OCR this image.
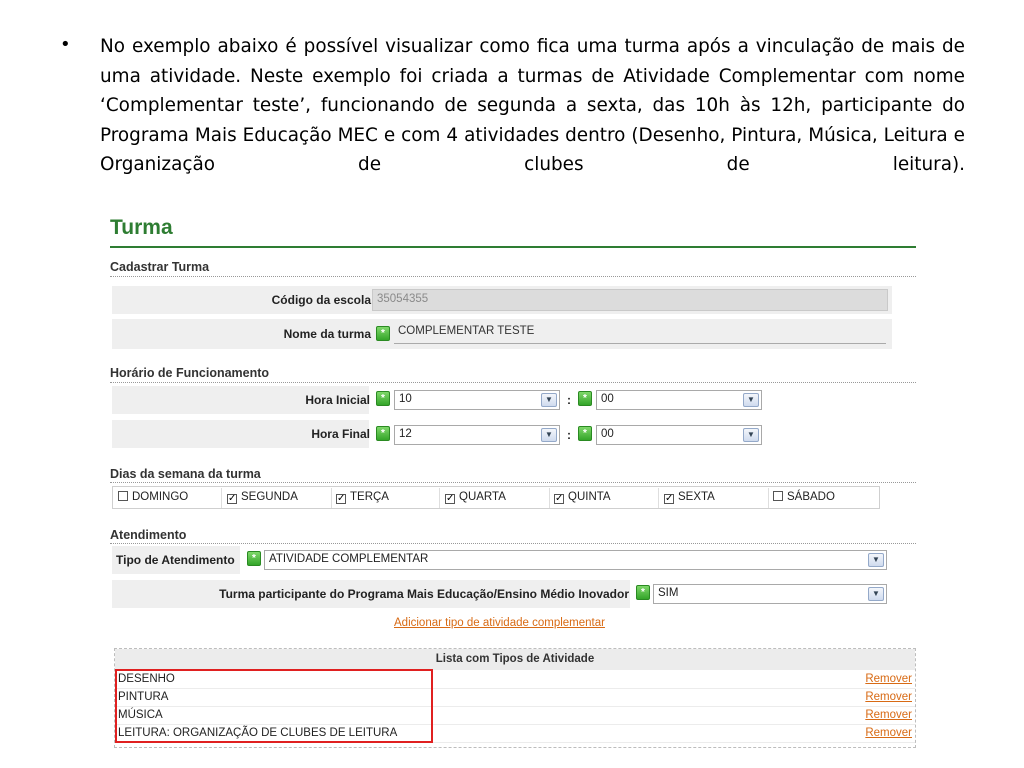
• No exemplo abaixo é possível visualizar como fica uma turma após a vinculação de mais de uma atividade. Neste exemplo foi criada a turmas de Atividade Complementar com nome ‘Complementar teste’, funcionando de segunda a sexta, das 10h às 12h, participante do Programa Mais Educação MEC e com 4 atividades dentro (Desenho, Pintura, Música, Leitura e Organização de clubes de leitura).

Turma
Cadastrar Turma
Código da escola 35054355
Nome da turma	*	COMPLEMENTAR TESTE
Horário de Funcionamento
Hora Inicial	*	10	▼	:	*	00	▼
Hora Final	*	12	▼	:	*	00	▼
Dias da semana da turma
DOMINGO	✓ SEGUNDA	✓ TERÇA	✓ QUARTA	✓ QUINTA	✓ SEXTA	SÁBADO
Atendimento
Tipo de Atendimento	*	ATIVIDADE COMPLEMENTAR	▼
Turma participante do Programa Mais Educação/Ensino Médio Inovador	*	SIM	▼
Adicionar tipo de atividade complementar
Lista com Tipos de Atividade
DESENHO	Remover
PINTURA	Remover
MÚSICA	Remover
LEITURA: ORGANIZAÇÃO DE CLUBES DE LEITURA	Remover
